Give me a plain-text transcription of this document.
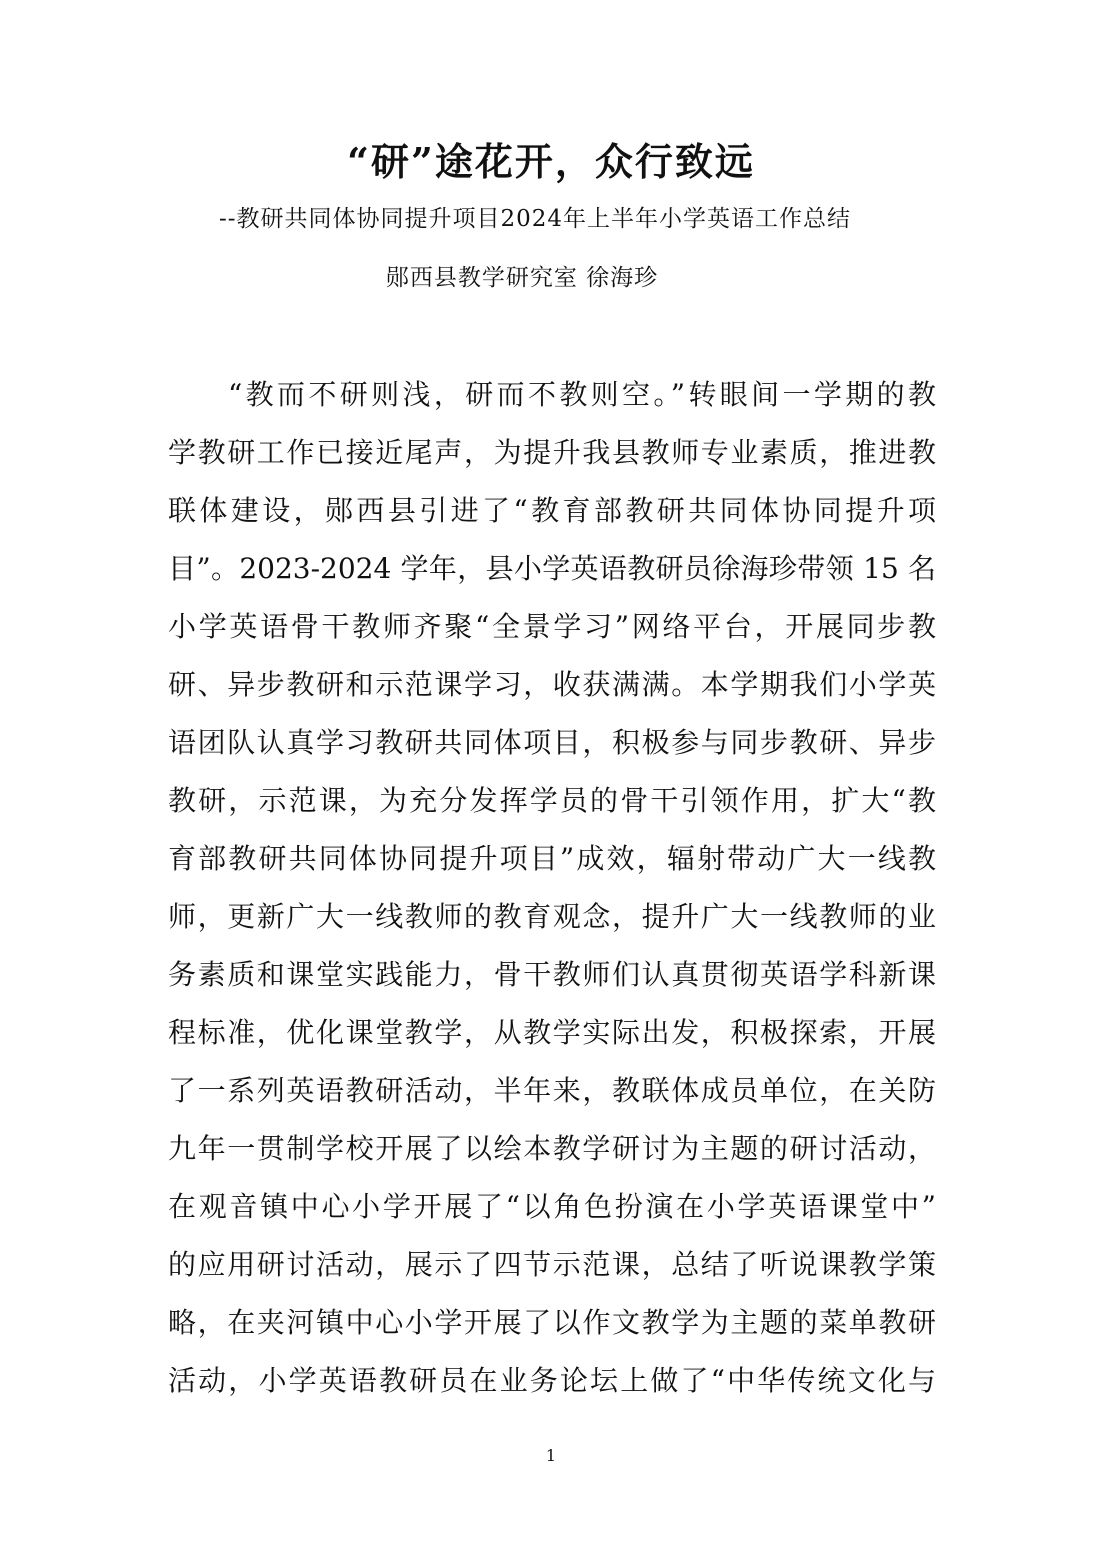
“研”途花开，众行致远

--教研共同体协同提升项目2024年上半年小学英语工作总结

郧西县教学研究室 徐海珍

“教而不研则浅，研而不教则空。”转眼间一学期的教
学教研工作已接近尾声，为提升我县教师专业素质，推进教
联体建设，郧西县引进了“教育部教研共同体协同提升项
目”。2023-2024 学年，县小学英语教研员徐海珍带领 15 名
小学英语骨干教师齐聚“全景学习”网络平台，开展同步教
研、异步教研和示范课学习，收获满满。本学期我们小学英
语团队认真学习教研共同体项目，积极参与同步教研、异步
教研，示范课，为充分发挥学员的骨干引领作用，扩大“教
育部教研共同体协同提升项目”成效，辐射带动广大一线教
师，更新广大一线教师的教育观念，提升广大一线教师的业
务素质和课堂实践能力，骨干教师们认真贯彻英语学科新课
程标准，优化课堂教学，从教学实际出发，积极探索，开展
了一系列英语教研活动，半年来，教联体成员单位，在关防
九年一贯制学校开展了以绘本教学研讨为主题的研讨活动，
在观音镇中心小学开展了“以角色扮演在小学英语课堂中”
的应用研讨活动，展示了四节示范课，总结了听说课教学策
略，在夹河镇中心小学开展了以作文教学为主题的菜单教研
活动，小学英语教研员在业务论坛上做了“中华传统文化与
1
